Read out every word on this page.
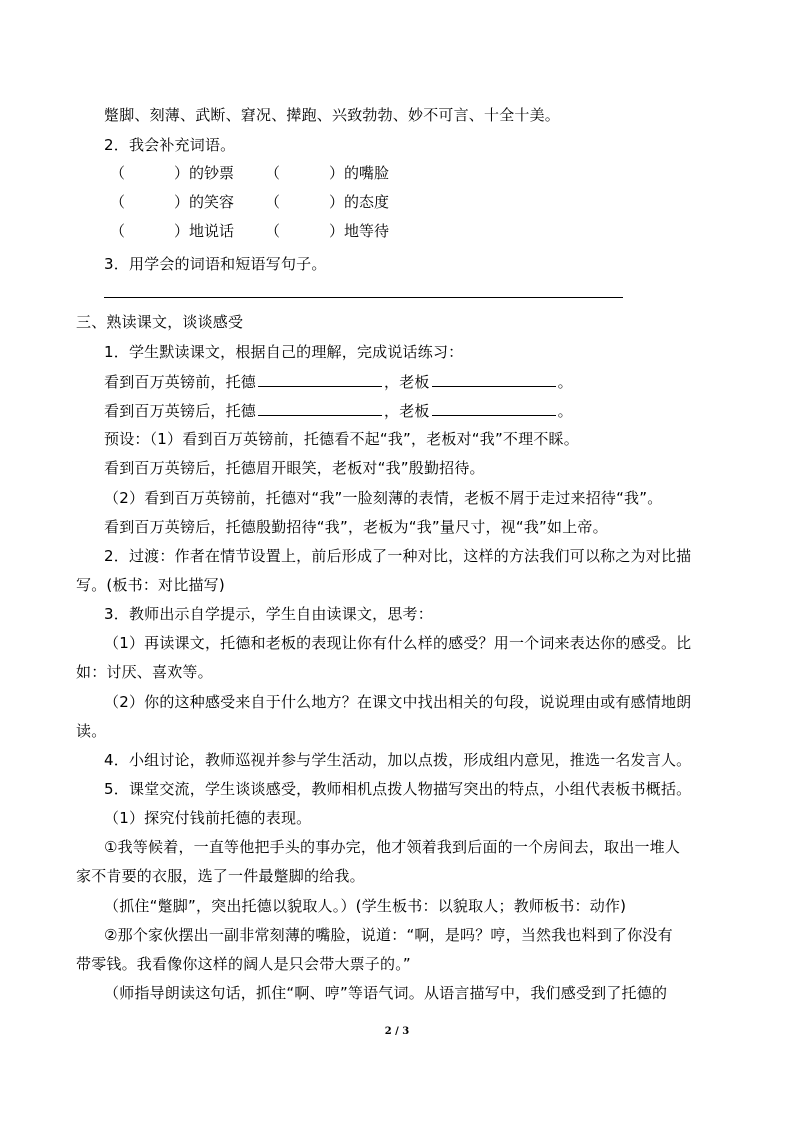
蹩脚、刻薄、武断、窘况、撵跑、兴致勃勃、妙不可言、十全十美。
2．我会补充词语。
（	）的钞票 （	）的嘴脸
（	）的笑容 （	）的态度
（	）地说话 （	）地等待
3．用学会的词语和短语写句子。
三、熟读课文，谈谈感受
1．学生默读课文，根据自己的理解，完成说话练习：
看到百万英镑前，托德	，老板	。
看到百万英镑后，托德	，老板	。
预设：（1）看到百万英镑前，托德看不起“我”，老板对“我”不理不睬。
看到百万英镑后，托德眉开眼笑，老板对“我”殷勤招待。
（2）看到百万英镑前，托德对“我”一脸刻薄的表情，老板不屑于走过来招待“我”。
看到百万英镑后，托德殷勤招待“我”，老板为“我”量尺寸，视“我”如上帝。
2．过渡：作者在情节设置上，前后形成了一种对比，这样的方法我们可以称之为对比描
写。(板书：对比描写)
3．教师出示自学提示，学生自由读课文，思考：
（1）再读课文，托德和老板的表现让你有什么样的感受？用一个词来表达你的感受。比
如：讨厌、喜欢等。
（2）你的这种感受来自于什么地方？在课文中找出相关的句段，说说理由或有感情地朗
读。
4．小组讨论，教师巡视并参与学生活动，加以点拨，形成组内意见，推选一名发言人。
5．课堂交流，学生谈谈感受，教师相机点拨人物描写突出的特点，小组代表板书概括。
（1）探究付钱前托德的表现。
①我等候着，一直等他把手头的事办完，他才领着我到后面的一个房间去，取出一堆人
家不肯要的衣服，选了一件最蹩脚的给我。
（抓住“蹩脚”，突出托德以貌取人。）(学生板书：以貌取人；教师板书：动作)
②那个家伙摆出一副非常刻薄的嘴脸，说道：“啊，是吗？哼，当然我也料到了你没有
带零钱。我看像你这样的阔人是只会带大票子的。”
（师指导朗读这句话，抓住“啊、哼”等语气词。从语言描写中，我们感受到了托德的
2 / 3
